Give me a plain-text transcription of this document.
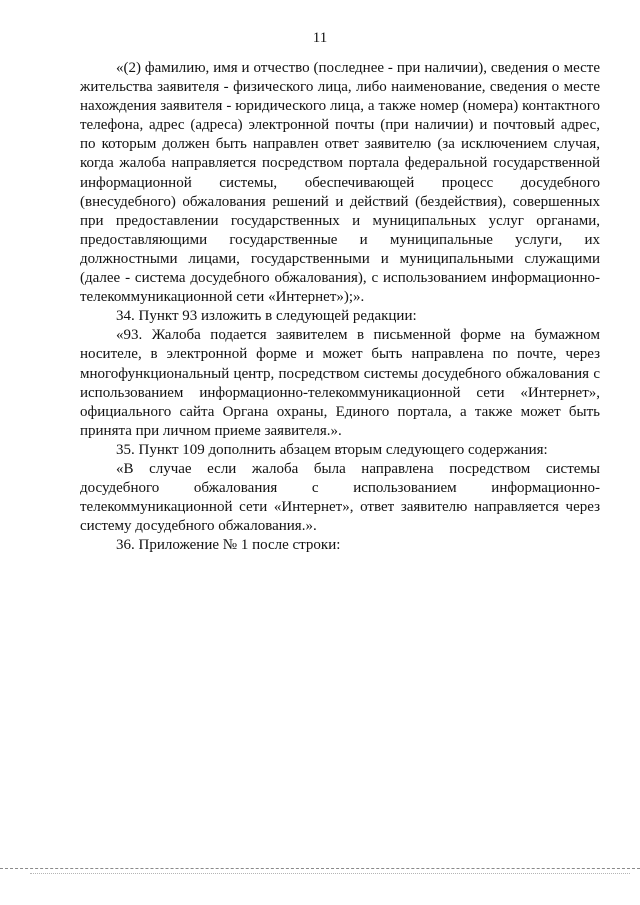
11

«(2) фамилию, имя и отчество (последнее - при наличии), сведения о месте жительства заявителя - физического лица, либо наименование, сведения о месте нахождения заявителя - юридического лица, а также номер (номера) контактного телефона, адрес (адреса) электронной почты (при наличии) и почтовый адрес, по которым должен быть направлен ответ заявителю (за исключением случая, когда жалоба направляется посредством портала федеральной государственной информационной системы, обеспечивающей процесс досудебного (внесудебного) обжалования решений и действий (бездействия), совершенных при предоставлении государственных и муниципальных услуг органами, предоставляющими государственные и муниципальные услуги, их должностными лицами, государственными и муниципальными служащими (далее - система досудебного обжалования), с использованием информационно-телекоммуникационной сети «Интернет»);».

34. Пункт 93 изложить в следующей редакции:

«93. Жалоба подается заявителем в письменной форме на бумажном носителе, в электронной форме и может быть направлена по почте, через многофункциональный центр, посредством системы досудебного обжалования с использованием информационно-телекоммуникационной сети «Интернет», официального сайта Органа охраны, Единого портала, а также может быть принята при личном приеме заявителя.».

35. Пункт 109 дополнить абзацем вторым следующего содержания:

«В случае если жалоба была направлена посредством системы досудебного обжалования с использованием информационно-телекоммуникационной сети «Интернет», ответ заявителю направляется через систему досудебного обжалования.».

36. Приложение № 1 после строки:
